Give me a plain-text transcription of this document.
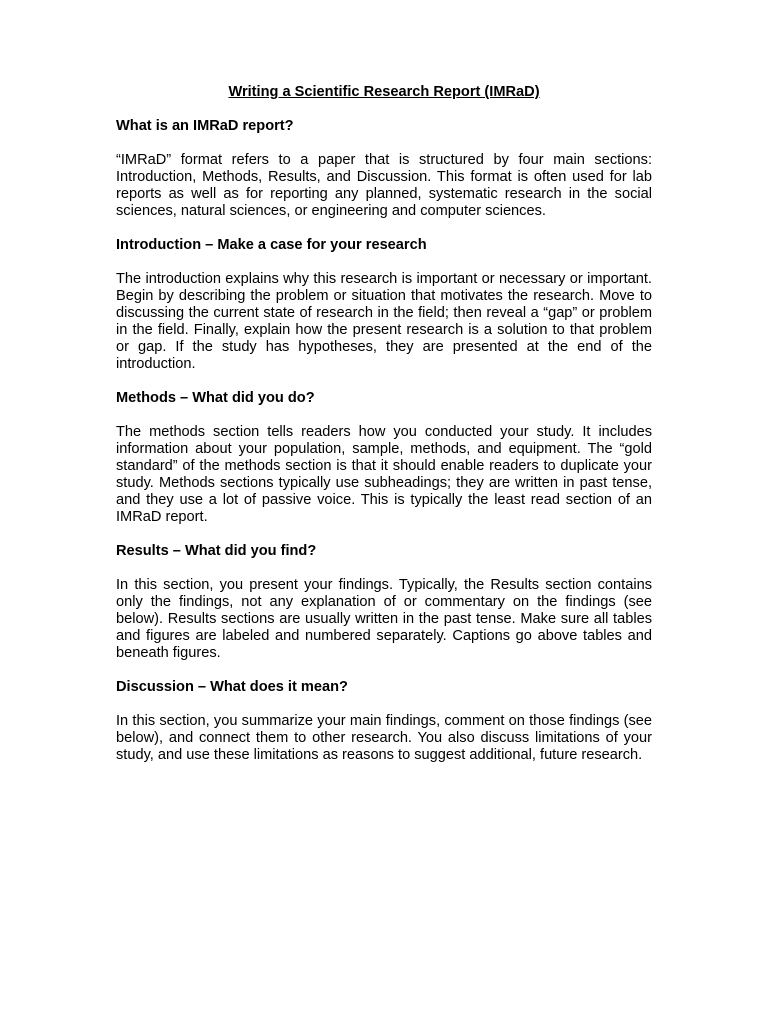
Writing a Scientific Research Report (IMRaD)
What is an IMRaD report?
“IMRaD” format refers to a paper that is structured by four main sections: Introduction, Methods, Results, and Discussion. This format is often used for lab reports as well as for reporting any planned, systematic research in the social sciences, natural sciences, or engineering and computer sciences.
Introduction – Make a case for your research
The introduction explains why this research is important or necessary or important. Begin by describing the problem or situation that motivates the research. Move to discussing the current state of research in the field; then reveal a “gap” or problem in the field. Finally, explain how the present research is a solution to that problem or gap. If the study has hypotheses, they are presented at the end of the introduction.
Methods – What did you do?
The methods section tells readers how you conducted your study. It includes information about your population, sample, methods, and equipment. The “gold standard” of the methods section is that it should enable readers to duplicate your study. Methods sections typically use subheadings; they are written in past tense, and they use a lot of passive voice. This is typically the least read section of an IMRaD report.
Results – What did you find?
In this section, you present your findings. Typically, the Results section contains only the findings, not any explanation of or commentary on the findings (see below). Results sections are usually written in the past tense. Make sure all tables and figures are labeled and numbered separately. Captions go above tables and beneath figures.
Discussion – What does it mean?
In this section, you summarize your main findings, comment on those findings (see below), and connect them to other research. You also discuss limitations of your study, and use these limitations as reasons to suggest additional, future research.
